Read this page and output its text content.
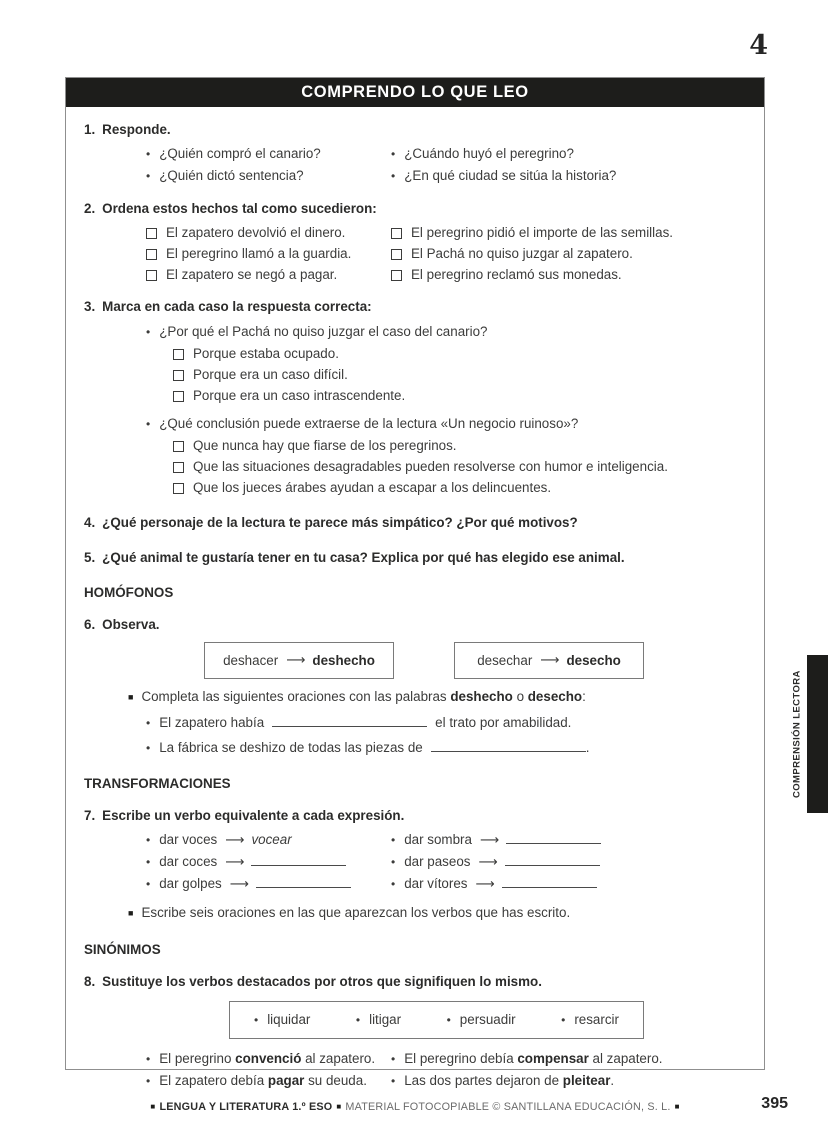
4
COMPRENDO LO QUE LEO
1. Responde.
• ¿Quién compró el canario?
• ¿Quién dictó sentencia?
• ¿Cuándo huyó el peregrino?
• ¿En qué ciudad se sitúa la historia?
2. Ordena estos hechos tal como sucedieron:
El zapatero devolvió el dinero.
El peregrino llamó a la guardia.
El zapatero se negó a pagar.
El peregrino pidió el importe de las semillas.
El Pachá no quiso juzgar al zapatero.
El peregrino reclamó sus monedas.
3. Marca en cada caso la respuesta correcta:
• ¿Por qué el Pachá no quiso juzgar el caso del canario?
Porque estaba ocupado.
Porque era un caso difícil.
Porque era un caso intrascendente.
• ¿Qué conclusión puede extraerse de la lectura «Un negocio ruinoso»?
Que nunca hay que fiarse de los peregrinos.
Que las situaciones desagradables pueden resolverse con humor e inteligencia.
Que los jueces árabes ayudan a escapar a los delincuentes.
4. ¿Qué personaje de la lectura te parece más simpático? ¿Por qué motivos?
5. ¿Qué animal te gustaría tener en tu casa? Explica por qué has elegido ese animal.
HOMÓFONOS
6. Observa.
deshacer ⟶ deshecho	desechar ⟶ desecho
■ Completa las siguientes oraciones con las palabras deshecho o desecho:
• El zapatero había	el trato por amabilidad.
• La fábrica se deshizo de todas las piezas de	.
TRANSFORMACIONES
7. Escribe un verbo equivalente a cada expresión.
• dar voces ⟶ vocear
• dar coces ⟶
• dar golpes ⟶
• dar sombra ⟶
• dar paseos ⟶
• dar vítores ⟶
■ Escribe seis oraciones en las que aparezcan los verbos que has escrito.
SINÓNIMOS
8. Sustituye los verbos destacados por otros que signifiquen lo mismo.
• liquidar	• litigar	• persuadir	• resarcir
• El peregrino convenció al zapatero.
• El zapatero debía pagar su deuda.
• El peregrino debía compensar al zapatero.
• Las dos partes dejaron de pleitear.
COMPRENSIÓN LECTORA
■ LENGUA Y LITERATURA 1.º ESO ■ MATERIAL FOTOCOPIABLE © SANTILLANA EDUCACIÓN, S. L. ■	395
